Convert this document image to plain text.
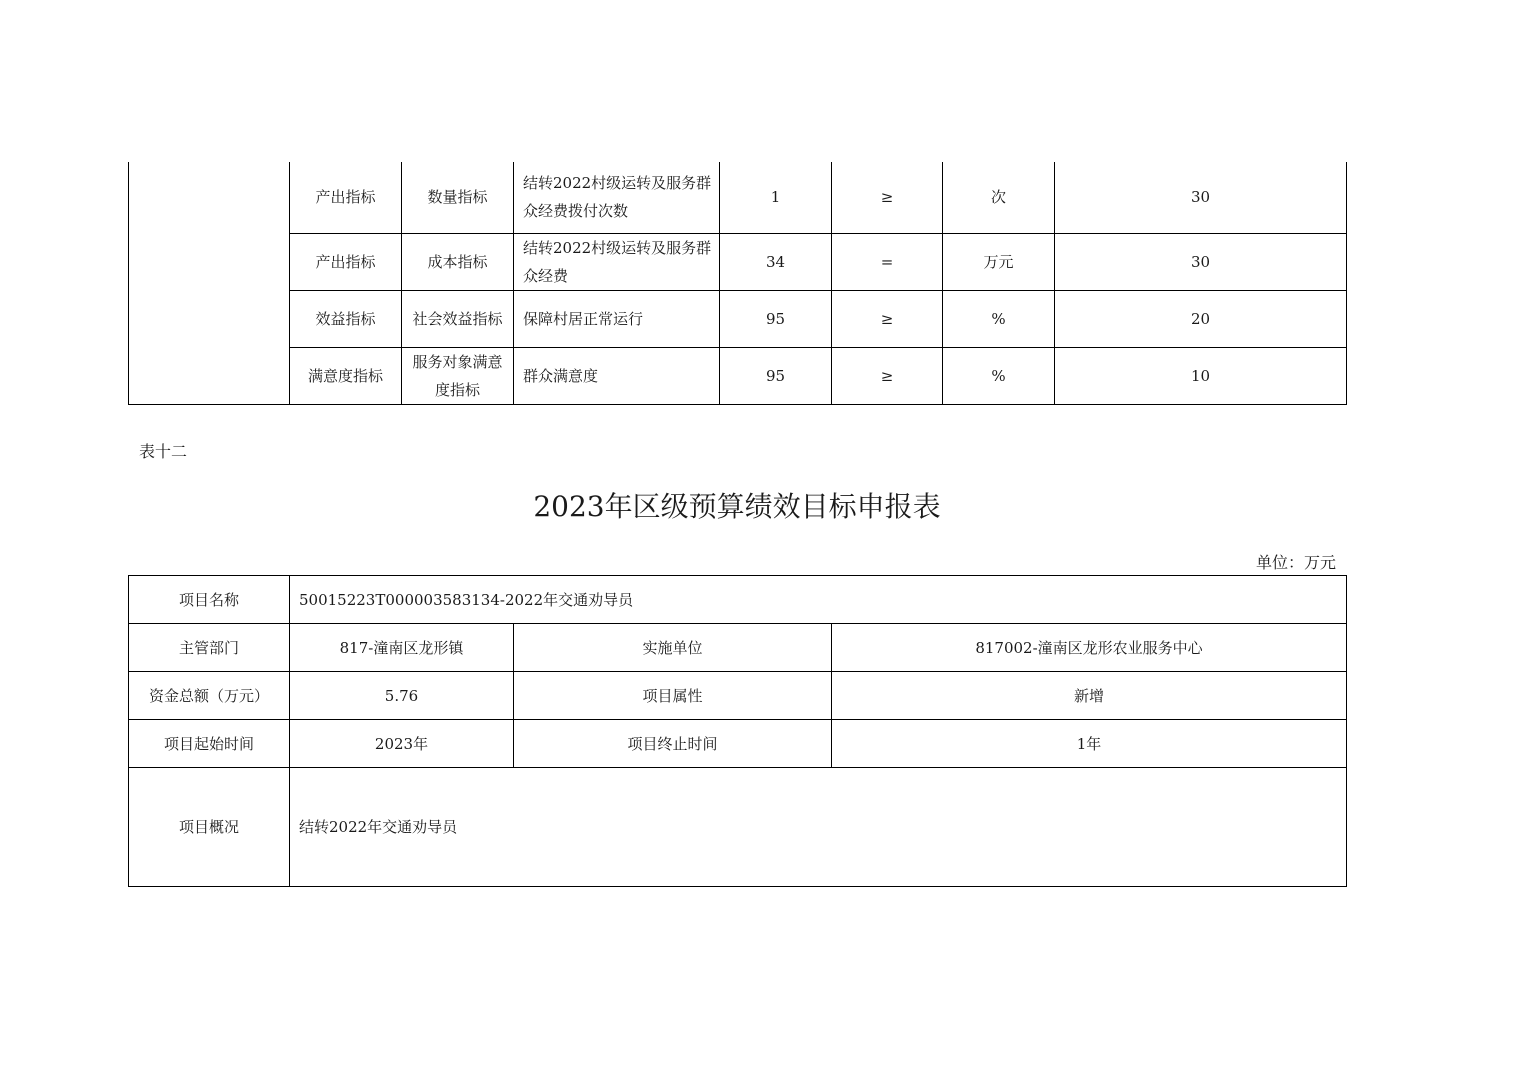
	产出指标	数量指标	结转2022村级运转及服务群众经费拨付次数	1	≥	次	30
	产出指标	成本指标	结转2022村级运转及服务群众经费	34	=	万元	30
	效益指标	社会效益指标	保障村居正常运行	95	≥	%	20
	满意度指标	服务对象满意度指标	群众满意度	95	≥	%	10
表十二
2023年区级预算绩效目标申报表
单位：万元
项目名称	50015223T000003583134-2022年交通劝导员		
主管部门	817-潼南区龙形镇	实施单位	817002-潼南区龙形农业服务中心
资金总额（万元）	5.76	项目属性	新增
项目起始时间	2023年	项目终止时间	1年
项目概况	结转2022年交通劝导员		
